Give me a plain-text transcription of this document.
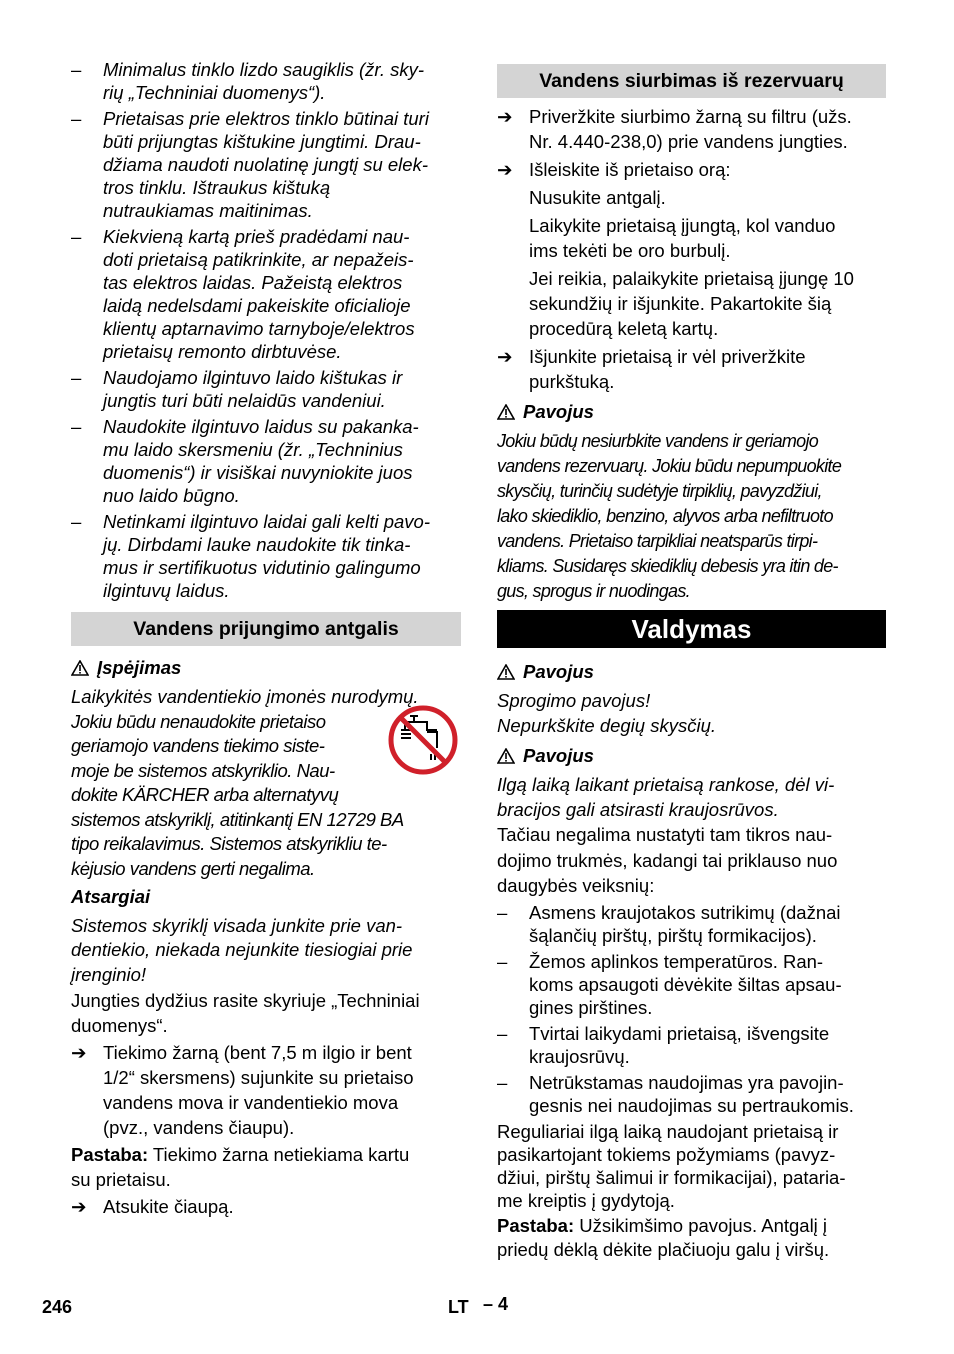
–	Minimalus tinklo lizdo saugiklis (žr. sky-
rių „Techniniai duomenys“).
–	Prietaisas prie elektros tinklo būtinai turi
būti prijungtas kištukine jungtimi. Drau-
džiama naudoti nuolatinę jungtį su elek-
tros tinklu. Ištraukus kištuką
nutraukiamas maitinimas.
–	Kiekvieną kartą prieš pradėdami nau-
doti prietaisą patikrinkite, ar nepažeis-
tas elektros laidas. Pažeistą elektros
laidą nedelsdami pakeiskite oficialioje
klientų aptarnavimo tarnyboje/elektros
prietaisų remonto dirbtuvėse.
–	Naudojamo ilgintuvo laido kištukas ir
jungtis turi būti nelaidūs vandeniui.
–	Naudokite ilgintuvo laidus su pakanka-
mu laido skersmeniu (žr. „Techninius
duomenis“) ir visiškai nuvyniokite juos
nuo laido būgno.
–	Netinkami ilgintuvo laidai gali kelti pavo-
jų. Dirbdami lauke naudokite tik tinka-
mus ir sertifikuotus vidutinio galingumo
ilgintuvų laidus.
Vandens prijungimo antgalis
Įspėjimas

Laikykitės vandentiekio įmonės nurodymų.

Jokiu būdu nenaudokite prietaiso
geriamojo vandens tiekimo siste-
moje be sistemos atskyriklio. Nau-
dokite KÄRCHER arba alternatyvų
sistemos atskyriklį, atitinkantį EN 12729 BA
tipo reikalavimus. Sistemos atskyrikliu te-
kėjusio vandens gerti negalima.

Atsargiai

Sistemos skyriklį visada junkite prie van-
dentiekio, niekada nejunkite tiesiogiai prie
įrenginio!

Jungties dydžius rasite skyriuje „Techniniai
duomenys“.

➔ Tiekimo žarną (bent 7,5 m ilgio ir bent
1/2“ skersmens) sujunkite su prietaiso
vandens mova ir vandentiekio mova
(pvz., vandens čiaupu).

Pastaba: Tiekimo žarna netiekiama kartu
su prietaisu.

➔ Atsukite čiaupą.
Vandens siurbimas iš rezervuarų
➔ Priveržkite siurbimo žarną su filtru (užs.
Nr. 4.440-238,0) prie vandens jungties.
➔ Išleiskite iš prietaiso orą:

Nusukite antgalį.

Laikykite prietaisą įjungtą, kol vanduo
ims tekėti be oro burbulį.

Jei reikia, palaikykite prietaisą įjungę 10
sekundžių ir išjunkite. Pakartokite šią
procedūrą keletą kartų.

➔ Išjunkite prietaisą ir vėl priveržkite
purkštuką.
Pavojus

Jokiu būdų nesiurbkite vandens ir geriamojo
vandens rezervuarų. Jokiu būdu nepumpuokite
skysčių, turinčių sudėtyje tirpiklių, pavyzdžiui,
lako skiediklio, benzino, alyvos arba nefiltruoto
vandens. Prietaiso tarpikliai neatsparūs tirpi-
kliams. Susidaręs skiediklių debesis yra itin de-
gus, sprogus ir nuodingas.

Valdymas
Pavojus

Sprogimo pavojus!
Nepurkškite degių skysčių.

Pavojus

Ilgą laiką laikant prietaisą rankose, dėl vi-
bracijos gali atsirasti kraujosrūvos.

Tačiau negalima nustatyti tam tikros nau-
dojimo trukmės, kadangi tai priklauso nuo
daugybės veiksnių:

–	Asmens kraujotakos sutrikimų (dažnai
šąlančių pirštų, pirštų formikacijos).
–	Žemos aplinkos temperatūros. Ran-
koms apsaugoti dėvėkite šiltas apsau-
gines pirštines.
–	Tvirtai laikydami prietaisą, išvengsite
kraujosrūvų.
–	Netrūkstamas naudojimas yra pavojin-
gesnis nei naudojimas su pertraukomis.

Reguliariai ilgą laiką naudojant prietaisą ir
pasikartojant tokiems požymiams (pavyz-
džiui, pirštų šalimui ir formikacijai), pataria-
me kreiptis į gydytoją.

Pastaba: Užsikimšimo pavojus. Antgalį į
priedų dėklą dėkite plačiuoju galu į viršų.

246	LT – 4
